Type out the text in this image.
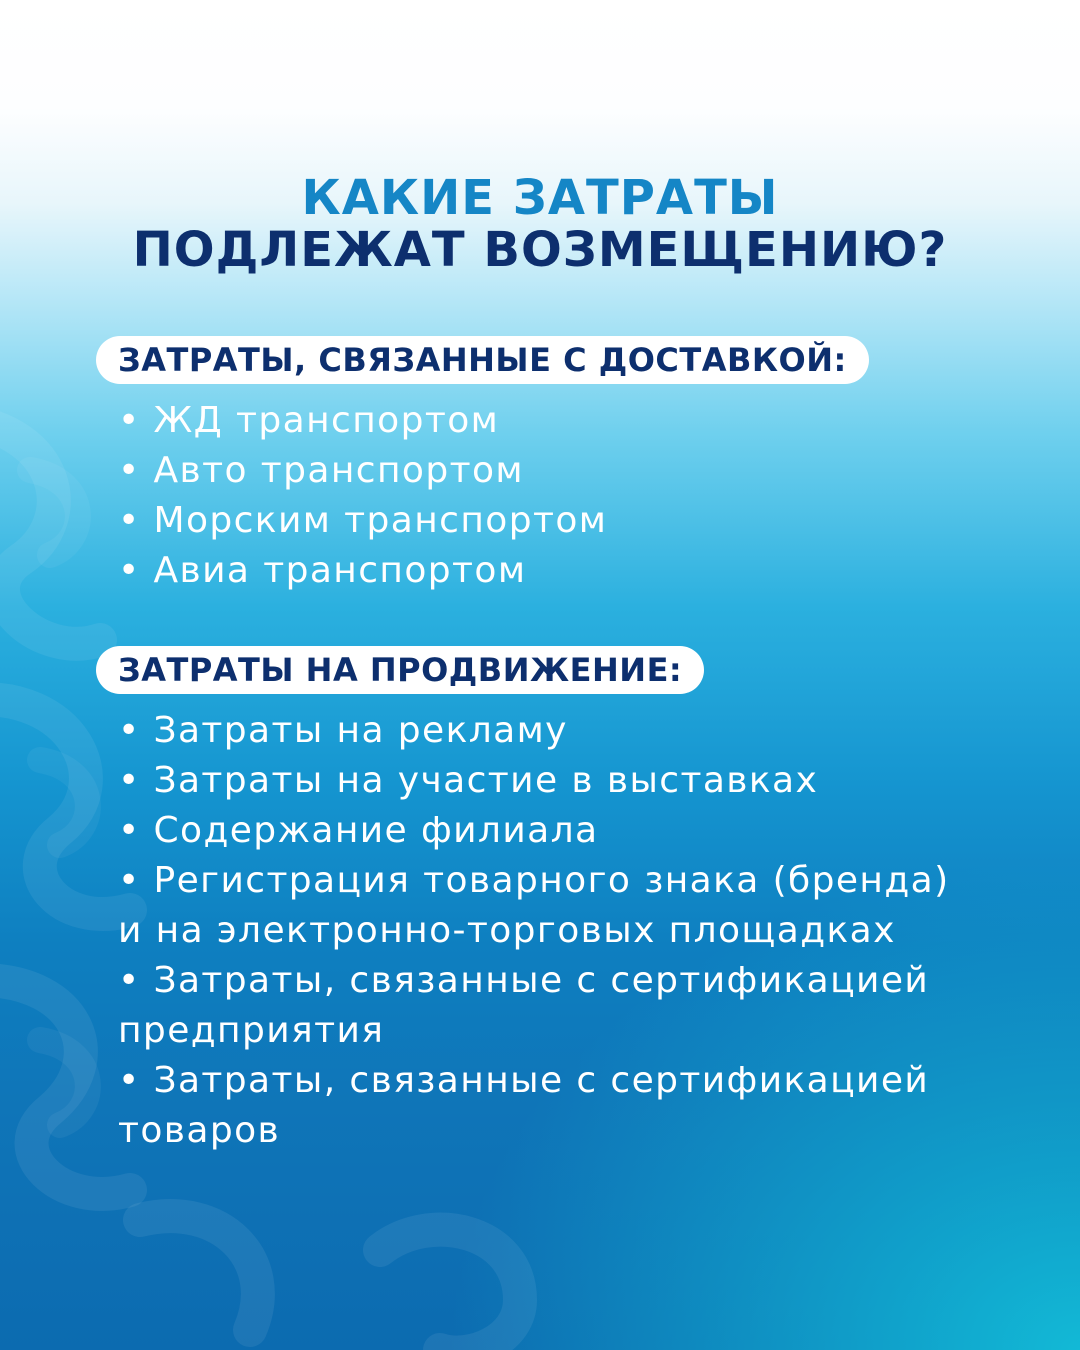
КАКИЕ ЗАТРАТЫ
ПОДЛЕЖАТ ВОЗМЕЩЕНИЮ?
ЗАТРАТЫ, СВЯЗАННЫЕ С ДОСТАВКОЙ:
• ЖД транспортом
• Авто транспортом
• Морским транспортом
• Авиа транспортом
ЗАТРАТЫ НА ПРОДВИЖЕНИЕ:
• Затраты на рекламу
• Затраты на участие в выставках
• Содержание филиала
• Регистрация товарного знака (бренда)
и на электронно-торговых площадках
• Затраты, связанные с сертификацией
предприятия
• Затраты, связанные с сертификацией
товаров
